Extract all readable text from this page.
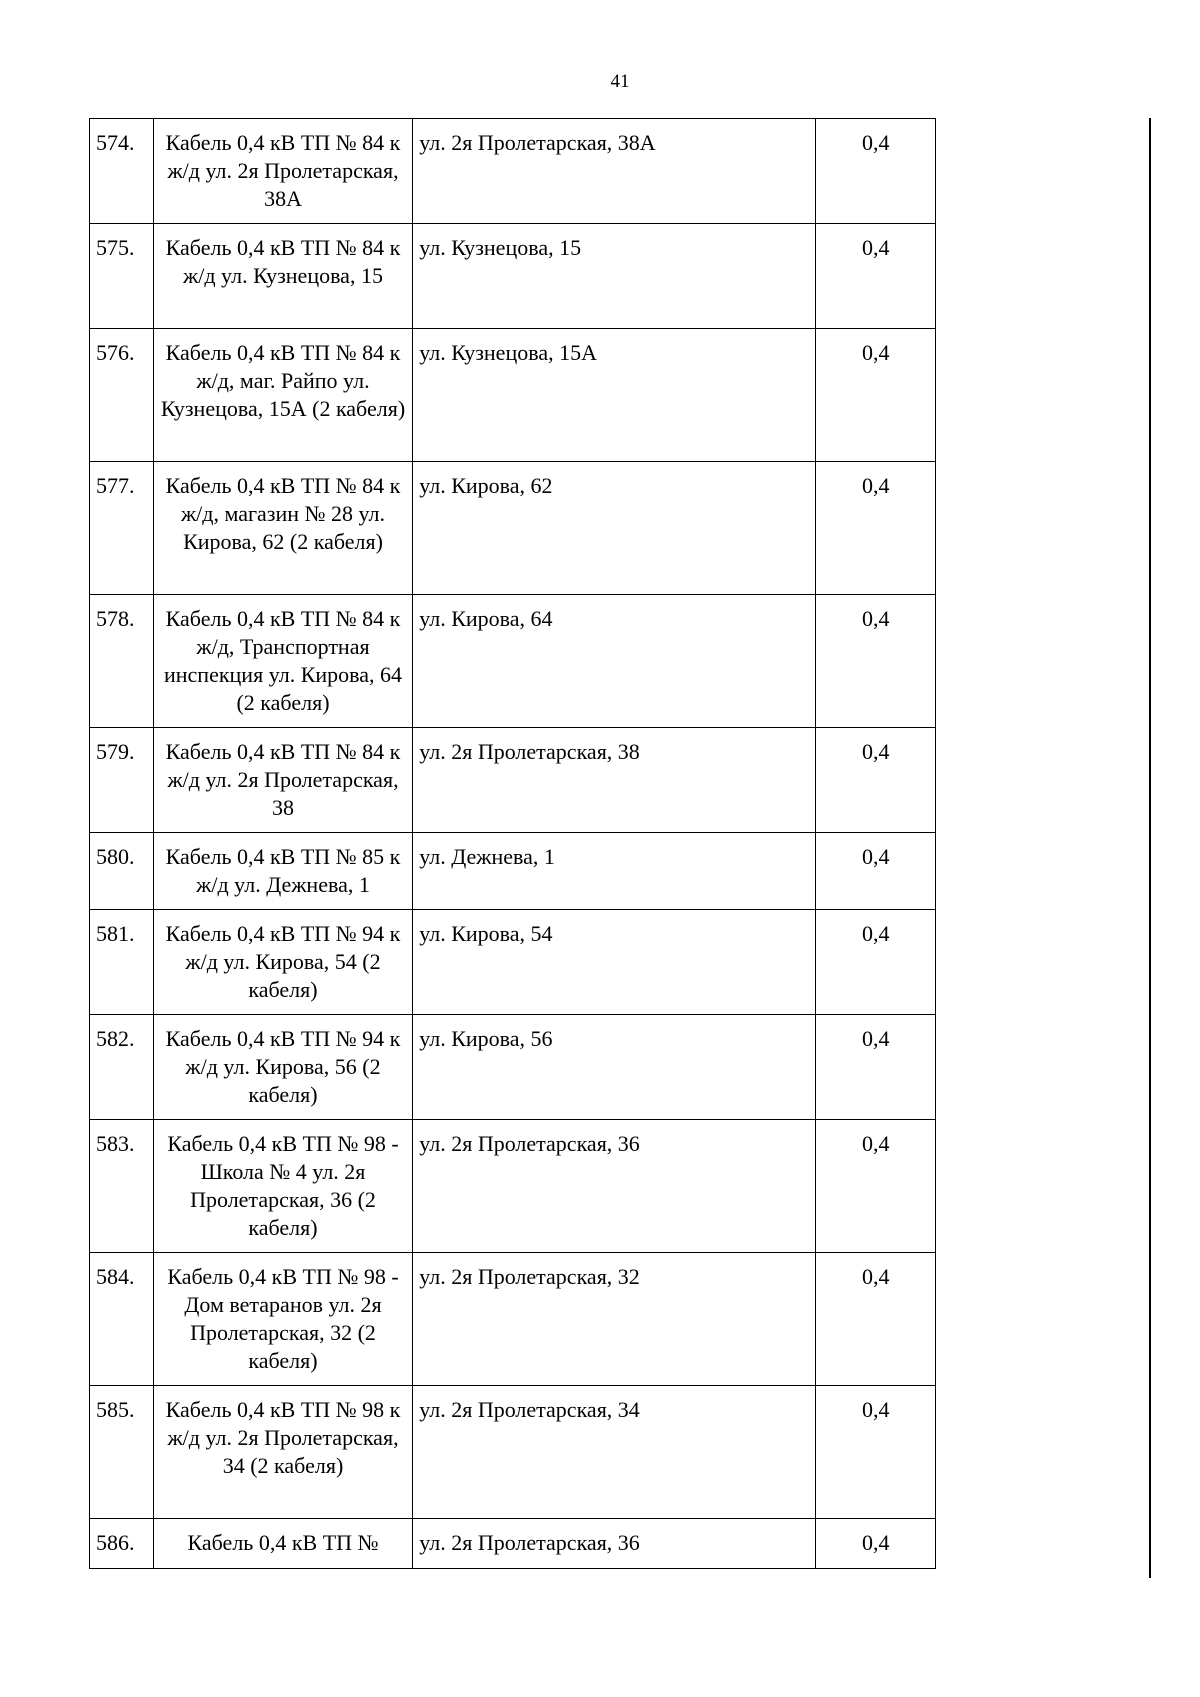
41
574.	Кабель 0,4 кВ ТП № 84 к ж/д ул. 2я Пролетарская, 38А	ул. 2я Пролетарская, 38А	0,4
575.	Кабель 0,4 кВ ТП № 84 к ж/д ул. Кузнецова, 15	ул. Кузнецова, 15	0,4
576.	Кабель 0,4 кВ ТП № 84 к ж/д, маг. Райпо ул. Кузнецова, 15А (2 кабеля)	ул. Кузнецова, 15А	0,4
577.	Кабель 0,4 кВ ТП № 84 к ж/д, магазин № 28 ул. Кирова, 62 (2 кабеля)	ул. Кирова, 62	0,4
578.	Кабель 0,4 кВ ТП № 84 к ж/д, Транспортная инспекция ул. Кирова, 64 (2 кабеля)	ул. Кирова, 64	0,4
579.	Кабель 0,4 кВ ТП № 84 к ж/д ул. 2я Пролетарская, 38	ул. 2я Пролетарская, 38	0,4
580.	Кабель 0,4 кВ ТП № 85 к ж/д ул. Дежнева, 1	ул. Дежнева, 1	0,4
581.	Кабель 0,4 кВ ТП № 94 к ж/д ул. Кирова, 54 (2 кабеля)	ул. Кирова, 54	0,4
582.	Кабель 0,4 кВ ТП № 94 к ж/д ул. Кирова, 56 (2 кабеля)	ул. Кирова, 56	0,4
583.	Кабель 0,4 кВ ТП № 98 - Школа № 4 ул. 2я Пролетарская, 36 (2 кабеля)	ул. 2я Пролетарская, 36	0,4
584.	Кабель 0,4 кВ ТП № 98 - Дом ветаранов ул. 2я Пролетарская, 32 (2 кабеля)	ул. 2я Пролетарская, 32	0,4
585.	Кабель 0,4 кВ ТП № 98 к ж/д ул. 2я Пролетарская, 34 (2 кабеля)	ул. 2я Пролетарская, 34	0,4
586.	Кабель 0,4 кВ ТП №	ул. 2я Пролетарская, 36	0,4
